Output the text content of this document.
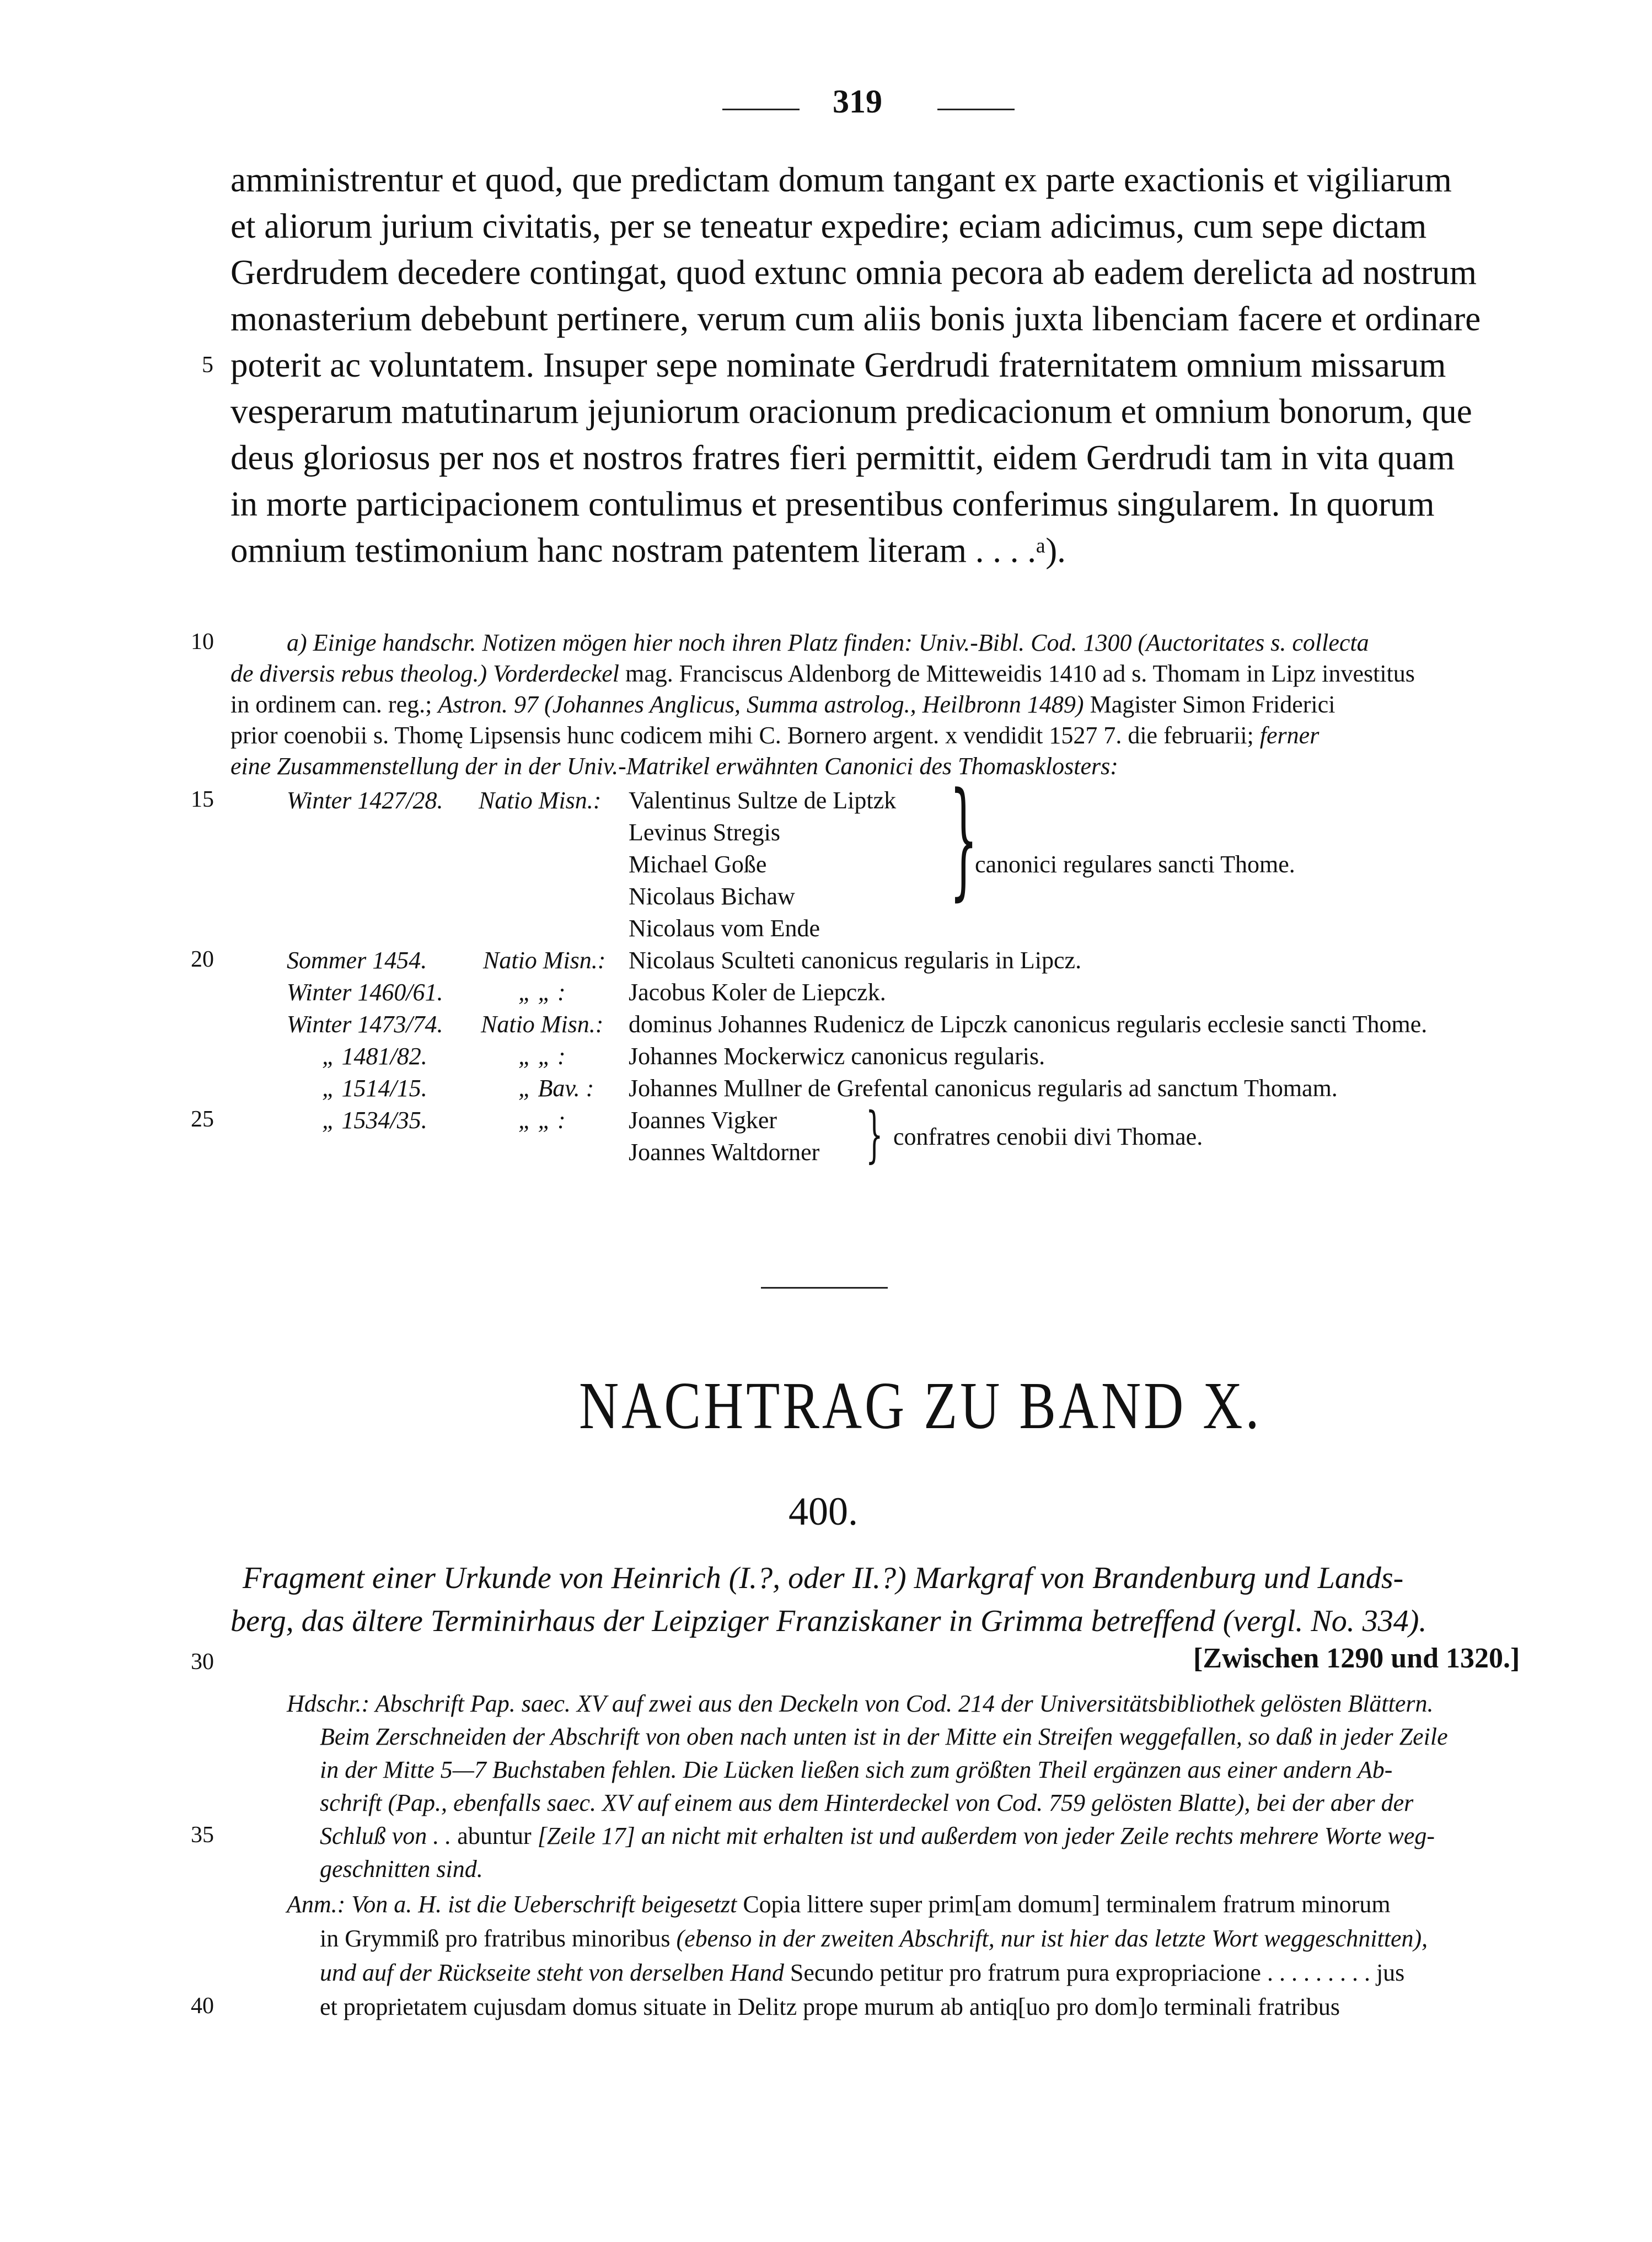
319
amministrentur et quod, que predictam domum tangant ex parte exactionis et vigiliarum
et aliorum jurium civitatis, per se teneatur expedire; eciam adicimus, cum sepe dictam
Gerdrudem decedere contingat, quod extunc omnia pecora ab eadem derelicta ad nostrum
monasterium debebunt pertinere, verum cum aliis bonis juxta libenciam facere et ordinare
5 poterit ac voluntatem. Insuper sepe nominate Gerdrudi fraternitatem omnium missarum
vesperarum matutinarum jejuniorum oracionum predicacionum et omnium bonorum, que
deus gloriosus per nos et nostros fratres fieri permittit, eidem Gerdrudi tam in vita quam
in morte participacionem contulimus et presentibus conferimus singularem. In quorum
omnium testimonium hanc nostram patentem literam . . . .ᵃ).
10	a) Einige handschr. Notizen mögen hier noch ihren Platz finden: Univ.-Bibl. Cod. 1300 (Auctoritates s. collecta
de diversis rebus theolog.) Vorderdeckel mag. Franciscus Aldenborg de Mitteweidis 1410 ad s. Thomam in Lipz investitus
in ordinem can. reg.; Astron. 97 (Johannes Anglicus, Summa astrolog., Heilbronn 1489) Magister Simon Friderici
prior coenobii s. Thomę Lipsensis hunc codicem mihi C. Bornero argent. x vendidit 1527 7. die februarii; ferner
eine Zusammenstellung der in der Univ.-Matrikel erwähnten Canonici des Thomasklosters:
15	Winter 1427/28. Natio Misn.: Valentinus Sultze de Liptzk
Levinus Stregis
Michael Goße
Nicolaus Bichaw
Nicolaus vom Ende
}
canonici regulares sancti Thome.
20	Sommer 1454. Natio Misn.: Nicolaus Sculteti canonicus regularis in Lipcz.
Winter 1460/61.	„ „ :	Jacobus Koler de Liepczk.
Winter 1473/74. Natio Misn.: dominus Johannes Rudenicz de Lipczk canonicus regularis ecclesie sancti Thome.
„ 1481/82.	„ „ :	Johannes Mockerwicz canonicus regularis.
„ 1514/15.	„ Bav. : Johannes Mullner de Grefental canonicus regularis ad sanctum Thomam.
25	„ 1534/35.	„ „ :	Joannes Vigker
Joannes Waltdorner } confratres cenobii divi Thomae.
NACHTRAG ZU BAND X.
400.
Fragment einer Urkunde von Heinrich (I.?, oder II.?) Markgraf von Brandenburg und Lands-
berg, das ältere Terminirhaus der Leipziger Franziskaner in Grimma betreffend (vergl. No. 334).
30	[Zwischen 1290 und 1320.]
Hdschr.: Abschrift Pap. saec. XV auf zwei aus den Deckeln von Cod. 214 der Universitätsbibliothek gelösten Blättern.
Beim Zerschneiden der Abschrift von oben nach unten ist in der Mitte ein Streifen weggefallen, so daß in jeder Zeile
in der Mitte 5—7 Buchstaben fehlen. Die Lücken ließen sich zum größten Theil ergänzen aus einer andern Ab-
schrift (Pap., ebenfalls saec. XV auf einem aus dem Hinterdeckel von Cod. 759 gelösten Blatte), bei der aber der
35	Schluß von . . abuntur [Zeile 17] an nicht mit erhalten ist und außerdem von jeder Zeile rechts mehrere Worte weg-
geschnitten sind.
Anm.: Von a. H. ist die Ueberschrift beigesetzt Copia littere super prim[am domum] terminalem fratrum minorum
in Grymmiß pro fratribus minoribus (ebenso in der zweiten Abschrift, nur ist hier das letzte Wort weggeschnitten),
und auf der Rückseite steht von derselben Hand Secundo petitur pro fratrum pura expropriacione . . . . . . . . . jus
40	et proprietatem cujusdam domus situate in Delitz prope murum ab antiq[uo pro dom]o terminali fratribus
